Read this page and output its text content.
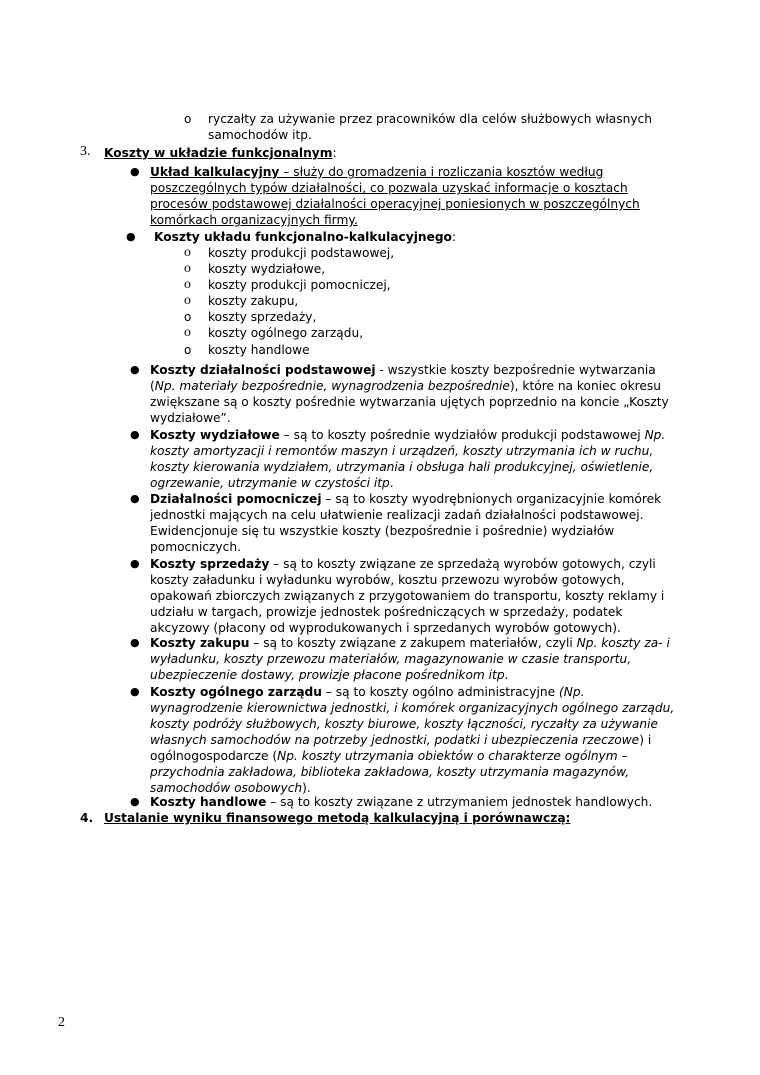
o ryczałty za używanie przez pracowników dla celów służbowych własnych
samochodów itp.
3. Koszty w układzie funkcjonalnym:
● Układ kalkulacyjny – służy do gromadzenia i rozliczania kosztów według
poszczególnych typów działalności, co pozwala uzyskać informacje o kosztach
procesów podstawowej działalności operacyjnej poniesionych w poszczególnych
komórkach organizacyjnych firmy.
● Koszty układu funkcjonalno-kalkulacyjnego:
o koszty produkcji podstawowej,
o koszty wydziałowe,
o koszty produkcji pomocniczej,
o koszty zakupu,
o koszty sprzedaży,
o koszty ogólnego zarządu,
o koszty handlowe
● Koszty działalności podstawowej - wszystkie koszty bezpośrednie wytwarzania
(Np. materiały bezpośrednie, wynagrodzenia bezpośrednie), które na koniec okresu
zwiększane są o koszty pośrednie wytwarzania ujętych poprzednio na koncie „Koszty
wydziałowe”.
● Koszty wydziałowe – są to koszty pośrednie wydziałów produkcji podstawowej Np.
koszty amortyzacji i remontów maszyn i urządzeń, koszty utrzymania ich w ruchu,
koszty kierowania wydziałem, utrzymania i obsługa hali produkcyjnej, oświetlenie,
ogrzewanie, utrzymanie w czystości itp.
● Działalności pomocniczej – są to koszty wyodrębnionych organizacyjnie komórek
jednostki mających na celu ułatwienie realizacji zadań działalności podstawowej.
Ewidencjonuje się tu wszystkie koszty (bezpośrednie i pośrednie) wydziałów
pomocniczych.
● Koszty sprzedaży – są to koszty związane ze sprzedażą wyrobów gotowych, czyli
koszty załadunku i wyładunku wyrobów, kosztu przewozu wyrobów gotowych,
opakowań zbiorczych związanych z przygotowaniem do transportu, koszty reklamy i
udziału w targach, prowizje jednostek pośredniczących w sprzedaży, podatek
akcyzowy (płacony od wyprodukowanych i sprzedanych wyrobów gotowych).
● Koszty zakupu – są to koszty związane z zakupem materiałów, czyli Np. koszty za- i
wyładunku, koszty przewozu materiałów, magazynowanie w czasie transportu,
ubezpieczenie dostawy, prowizje płacone pośrednikom itp.
● Koszty ogólnego zarządu – są to koszty ogólno administracyjne (Np.
wynagrodzenie kierownictwa jednostki, i komórek organizacyjnych ogólnego zarządu,
koszty podróży służbowych, koszty biurowe, koszty łączności, ryczałty za używanie
własnych samochodów na potrzeby jednostki, podatki i ubezpieczenia rzeczowe) i
ogólnogospodarcze (Np. koszty utrzymania obiektów o charakterze ogólnym –
przychodnia zakładowa, biblioteka zakładowa, koszty utrzymania magazynów,
samochodów osobowych).
● Koszty handlowe – są to koszty związane z utrzymaniem jednostek handlowych.
4. Ustalanie wyniku finansowego metodą kalkulacyjną i porównawczą:
2
